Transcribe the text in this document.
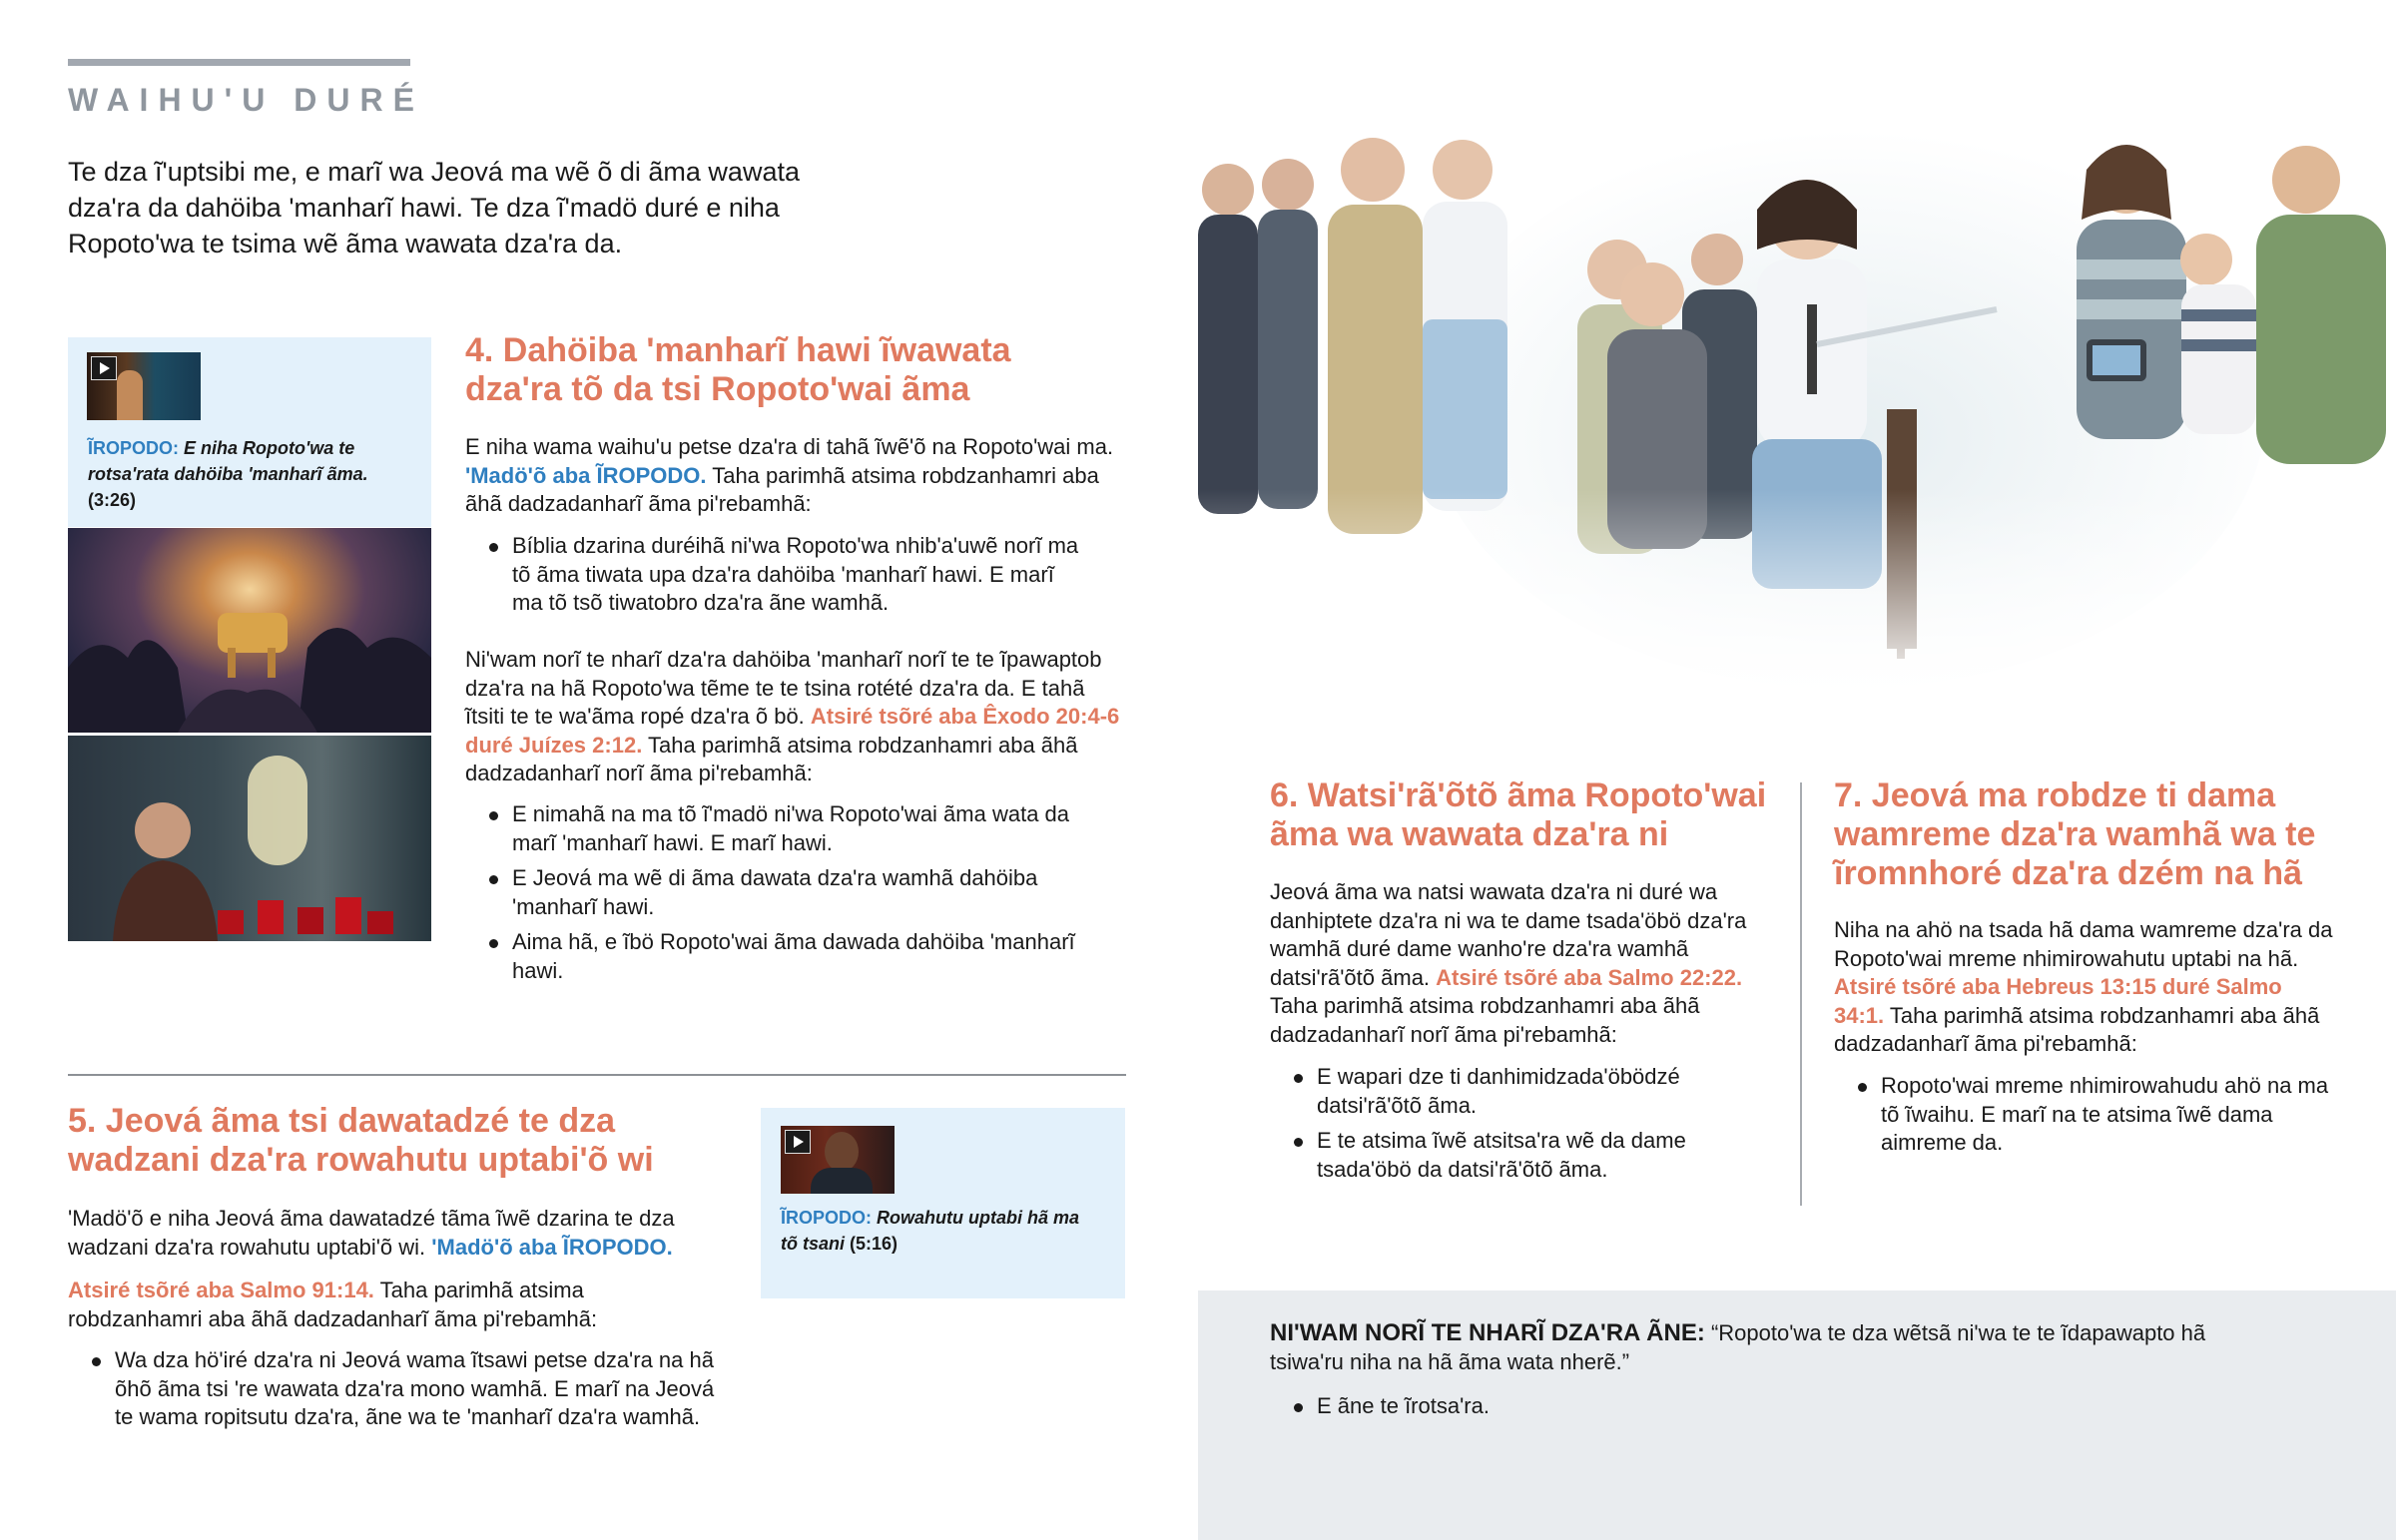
WAIHU'U DURÉ

Te dza ĩ'uptsibi me, e marĩ wa Jeová ma wẽ õ di ãma wawata dza'ra da dahöiba 'manharĩ hawi. Te dza ĩ'madö duré e niha Ropoto'wa te tsima wẽ ãma wawata dza'ra da.

ĨROPODO: E niha Ropoto'wa te rotsa'rata dahöiba 'manharĩ ãma. (3:26)
4. Dahöiba 'manharĩ hawi ĩwawata dza'ra tõ da tsi Ropoto'wai ãma

E niha wama waihu'u petse dza'ra di tahã ĩwẽ'õ na Ropoto'wai ma. 'Madö'õ aba ĨROPODO. Taha parimhã atsima robdzanhamri aba ãhã dadzadanharĩ ãma pi'rebamhã:

Bíblia dzarina duréihã ni'wa Ropoto'wa nhib'a'uwẽ norĩ ma tõ ãma tiwata upa dza'ra dahöiba 'manharĩ hawi. E marĩ ma tõ tsõ tiwatobro dza'ra ãne wamhã.

Ni'wam norĩ te nharĩ dza'ra dahöiba 'manharĩ norĩ te te ĩpawaptob dza'ra na hã Ropoto'wa tẽme te te tsina rotété dza'ra da. E tahã ĩtsiti te te wa'ãma ropé dza'ra õ bö. Atsiré tsõré aba Êxodo 20:4-6 duré Juízes 2:12. Taha parimhã atsima robdzanhamri aba ãhã dadzadanharĩ norĩ ãma pi'rebamhã:

E nimahã na ma tõ ĩ'madö ni'wa Ropoto'wai ãma wata da marĩ 'manharĩ hawi. E marĩ hawi.
E Jeová ma wẽ di ãma dawata dza'ra wamhã dahöiba 'manharĩ hawi.
Aima hã, e ĩbö Ropoto'wai ãma dawada dahöiba 'manharĩ hawi.
5. Jeová ãma tsi dawatadzé te dza wadzani dza'ra rowahutu uptabi'õ wi

'Madö'õ e niha Jeová ãma dawatadzé tãma ĩwẽ dzarina te dza wadzani dza'ra rowahutu uptabi'õ wi. 'Madö'õ aba ĨROPODO.

Atsiré tsõré aba Salmo 91:14. Taha parimhã atsima robdzanhamri aba ãhã dadzadanharĩ ãma pi'rebamhã:

Wa dza hö'iré dza'ra ni Jeová wama ĩtsawi petse dza'ra na hã õhõ ãma tsi 're wawata dza'ra mono wamhã. E marĩ na Jeová te wama ropitsutu dza'ra, ãne wa te 'manharĩ dza'ra wamhã.
ĨROPODO: Rowahutu uptabi hã ma tõ tsani (5:16)
6. Watsi'rã'õtõ ãma Ropoto'wai ãma wa wawata dza'ra ni

Jeová ãma wa natsi wawata dza'ra ni duré wa danhiptete dza'ra ni wa te dame tsada'öbö dza'ra wamhã duré dame wanho're dza'ra wamhã datsi'rã'õtõ ãma. Atsiré tsõré aba Salmo 22:22. Taha parimhã atsima robdzanhamri aba ãhã dadzadanharĩ norĩ ãma pi'rebamhã:

E wapari dze ti danhimidzada'öbödzé datsi'rã'õtõ ãma.
E te atsima ĩwẽ atsitsa'ra wẽ da dame tsada'öbö da datsi'rã'õtõ ãma.
7. Jeová ma robdze ti dama wamreme dza'ra wamhã wa te ĩromnhoré dza'ra dzém na hã

Niha na ahö na tsada hã dama wamreme dza'ra da Ropoto'wai mreme nhimirowahutu uptabi na hã. Atsiré tsõré aba Hebreus 13:15 duré Salmo 34:1. Taha parimhã atsima robdzanhamri aba ãhã dadzadanharĩ ãma pi'rebamhã:

Ropoto'wai mreme nhimirowahudu ahö na ma tõ ĩwaihu. E marĩ na te atsima ĩwẽ dama aimreme da.

NI'WAM NORĨ TE NHARĨ DZA'RA ÃNE: “Ropoto'wa te dza wẽtsã ni'wa te te ĩdapawapto hã tsiwa'ru niha na hã ãma wata nherẽ.”

E ãne te ĩrotsa'ra.
